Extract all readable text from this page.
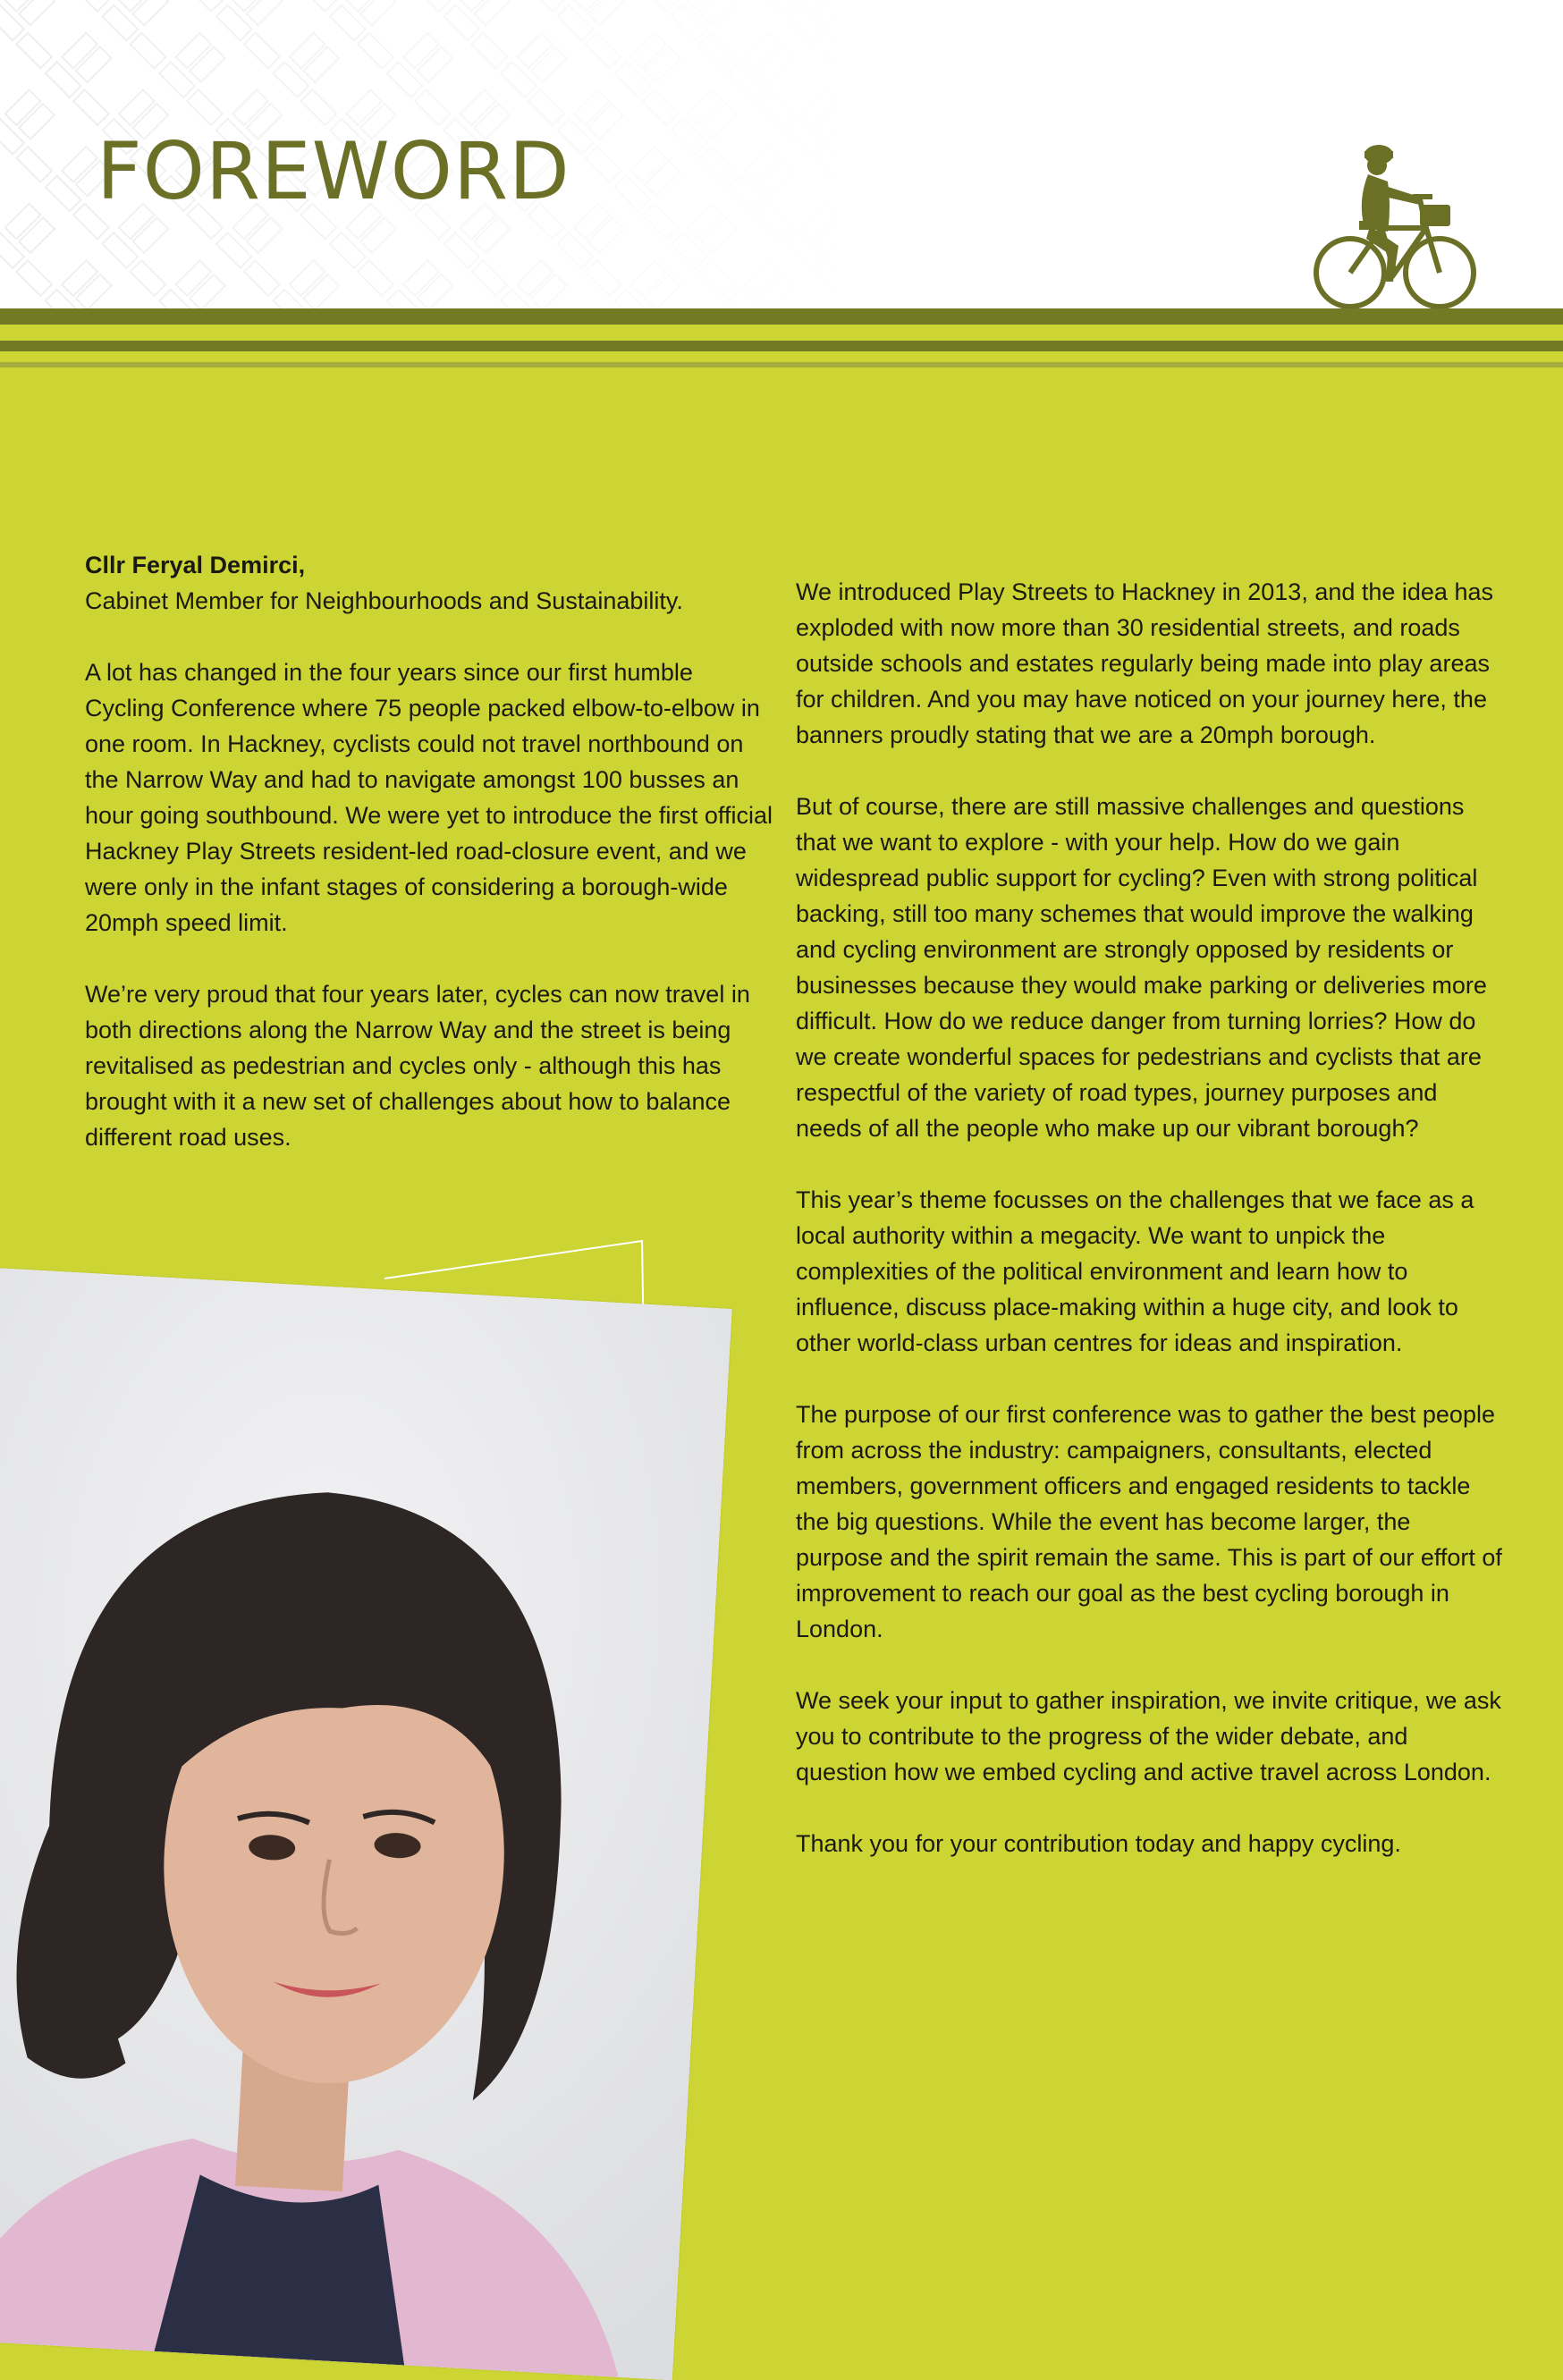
FOREWORD

Cllr Feryal Demirci,
Cabinet Member for Neighbourhoods and Sustainability.

A lot has changed in the four years since our first humble Cycling Conference where 75 people packed elbow-to-elbow in one room. In Hackney, cyclists could not travel northbound on the Narrow Way and had to navigate amongst 100 busses an hour going southbound. We were yet to introduce the first official Hackney Play Streets resident-led road-closure event, and we were only in the infant stages of considering a borough-wide 20mph speed limit.

We’re very proud that four years later, cycles can now travel in both directions along the Narrow Way and the street is being revitalised as pedestrian and cycles only - although this has brought with it a new set of challenges about how to balance different road uses.

We introduced Play Streets to Hackney in 2013, and the idea has exploded with now more than 30 residential streets, and roads outside schools and estates regularly being made into play areas for children. And you may have noticed on your journey here, the banners proudly stating that we are a 20mph borough.

But of course, there are still massive challenges and questions that we want to explore - with your help. How do we gain widespread public support for cycling? Even with strong political backing, still too many schemes that would improve the walking and cycling environment are strongly opposed by residents or businesses because they would make parking or deliveries more difficult. How do we reduce danger from turning lorries? How do we create wonderful spaces for pedestrians and cyclists that are respectful of the variety of road types, journey purposes and needs of all the people who make up our vibrant borough?

This year’s theme focusses on the challenges that we face as a local authority within a megacity. We want to unpick the complexities of the political environment and learn how to influence, discuss place-making within a huge city, and look to other world-class urban centres for ideas and inspiration.

The purpose of our first conference was to gather the best people from across the industry: campaigners, consultants, elected members, government officers and engaged residents to tackle the big questions. While the event has become larger, the purpose and the spirit remain the same. This is part of our effort of improvement to reach our goal as the best cycling borough in London.

We seek your input to gather inspiration, we invite critique, we ask you to contribute to the progress of the wider debate, and question how we embed cycling and active travel across London.

Thank you for your contribution today and happy cycling.
